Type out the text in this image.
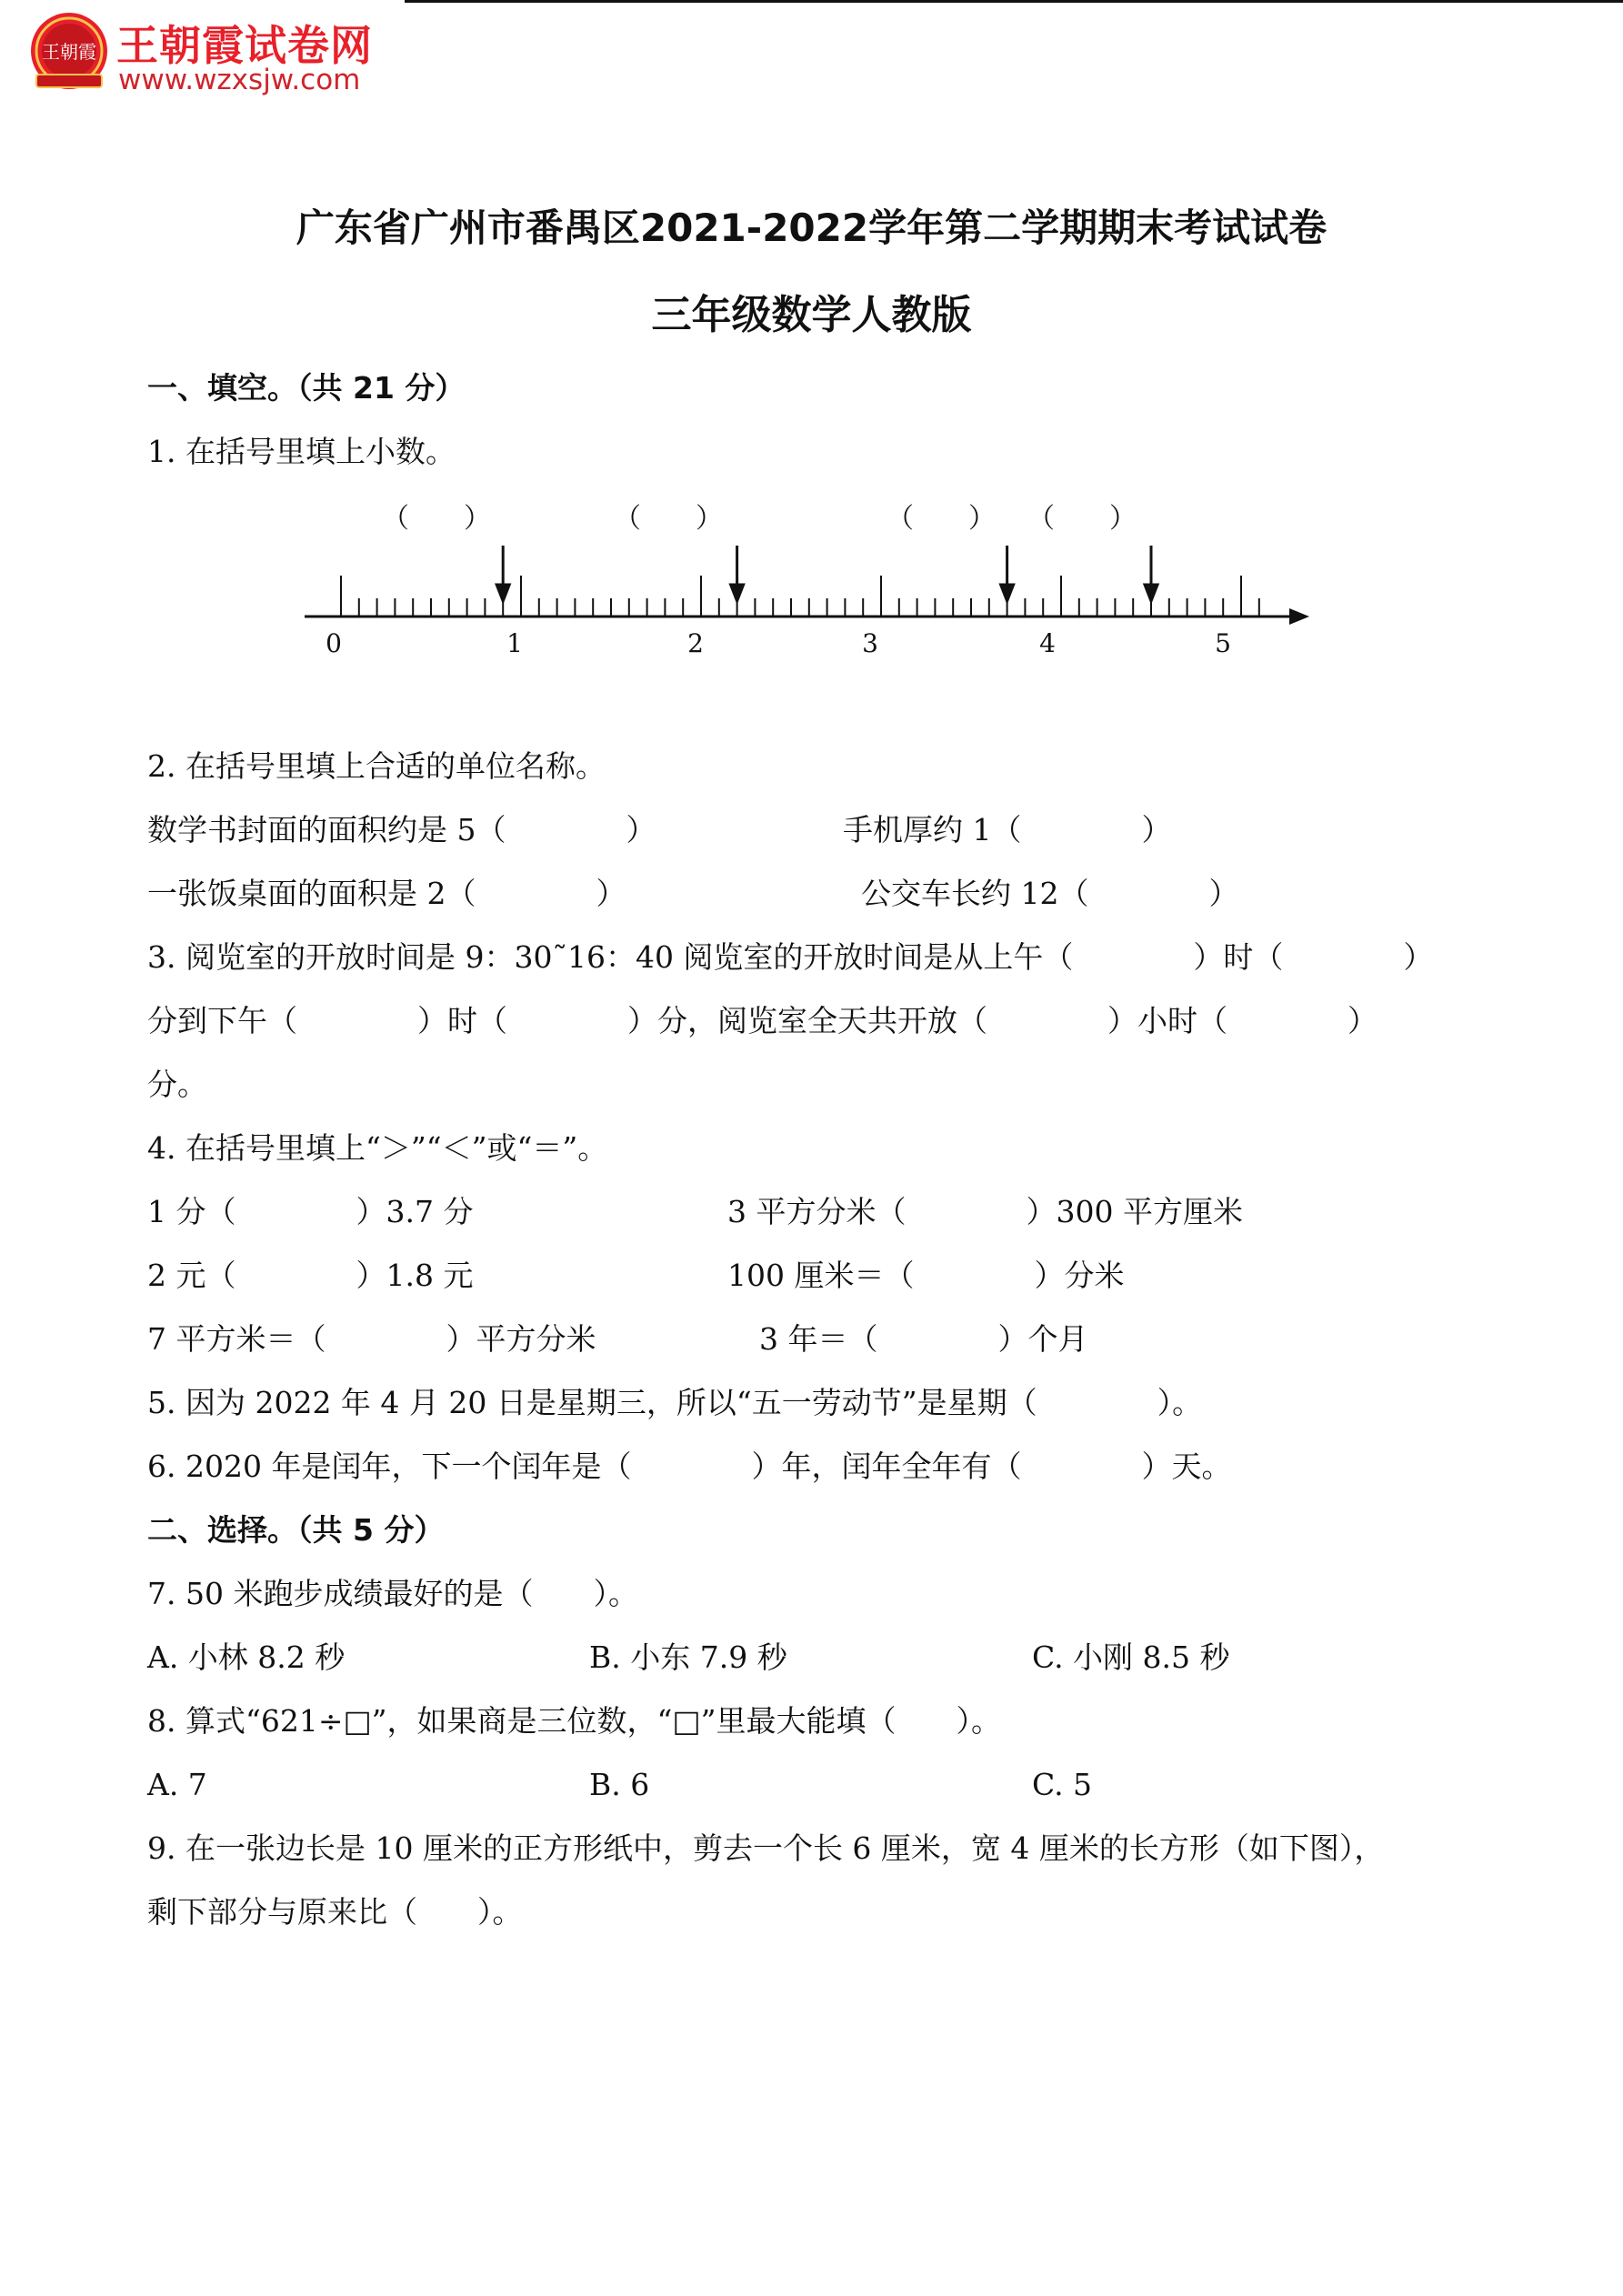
王朝霞 王朝霞试卷网
www.wzxsjw.com
广东省广州市番禺区2021-2022学年第二学期期末考试试卷
三年级数学人教版
一、填空。（共 21 分）
1. 在括号里填上小数。
（　　）	（　　）	（　　） （　　）
0	1	2	3	4	5
2. 在括号里填上合适的单位名称。
数学书封面的面积约是 5（　　　　）	手机厚约 1（　　　　）
一张饭桌面的面积是 2（　　　　）	公交车长约 12（　　　　）
3. 阅览室的开放时间是 9：30˜16：40 阅览室的开放时间是从上午（　　　　）时（　　　　）
分到下午（　　　　）时（　　　　）分，阅览室全天共开放（　　　　）小时（　　　　）
分。
4. 在括号里填上“＞”“＜”或“＝”。
1 分（　　　　）3.7 分	3 平方分米（　　　　）300 平方厘米
2 元（　　　　）1.8 元	100 厘米＝（　　　　）分米
7 平方米＝（　　　　）平方分米	3 年＝（　　　　）个月
5. 因为 2022 年 4 月 20 日是星期三，所以“五一劳动节”是星期（　　　　）。
6. 2020 年是闰年，下一个闰年是（　　　　）年，闰年全年有（　　　　）天。
二、选择。（共 5 分）
7. 50 米跑步成绩最好的是（　　）。
A. 小林 8.2 秒	B. 小东 7.9 秒	C. 小刚 8.5 秒
8. 算式“621÷□”，如果商是三位数，“□”里最大能填（　　）。
A. 7	B. 6	C. 5
9. 在一张边长是 10 厘米的正方形纸中，剪去一个长 6 厘米，宽 4 厘米的长方形（如下图），
剩下部分与原来比（　　）。
